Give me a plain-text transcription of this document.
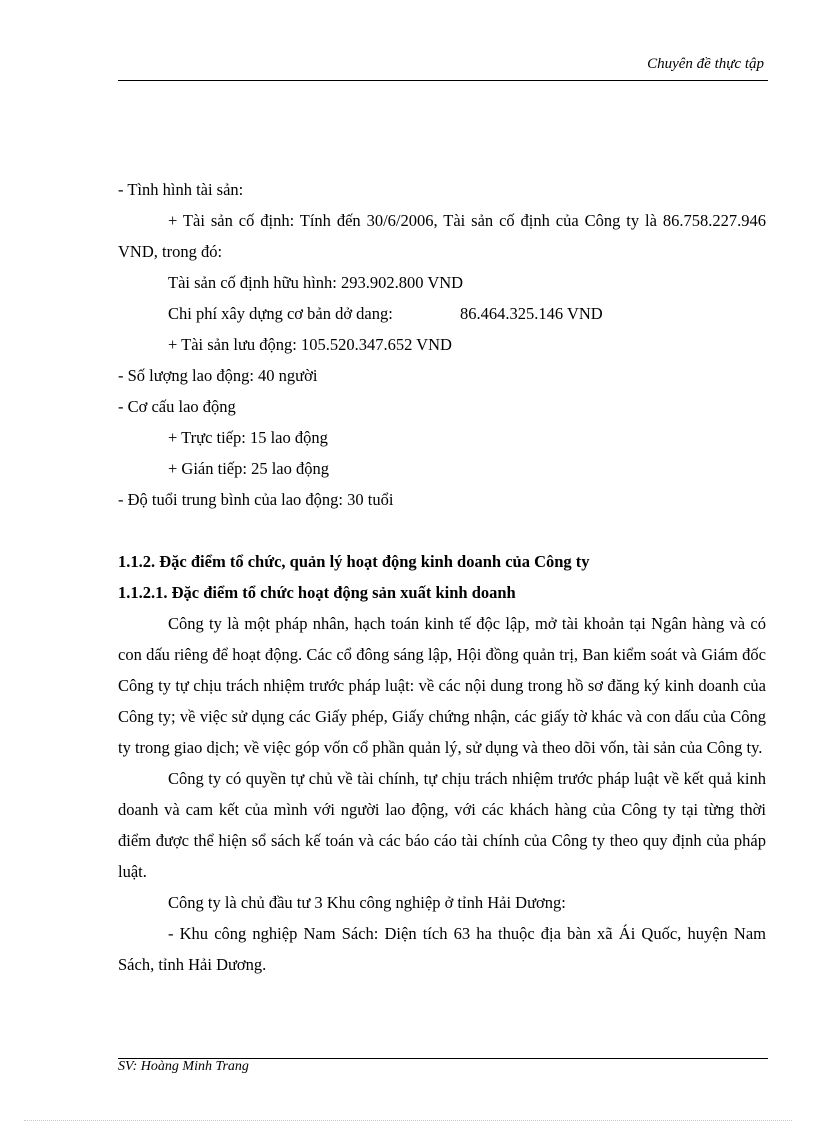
Chuyên đề thực tập

- Tình hình tài sản:

+ Tài sản cố định: Tính đến 30/6/2006, Tài sản cố định của Công ty là 86.758.227.946 VND, trong đó:

Tài sản cố định hữu hình: 293.902.800 VND

Chi phí xây dựng cơ bản dở dang:	86.464.325.146 VND

+ Tài sản lưu động: 105.520.347.652 VND

- Số lượng lao động: 40 người

- Cơ cấu lao động

+ Trực tiếp: 15 lao động

+ Gián tiếp: 25 lao động

- Độ tuổi trung bình của lao động: 30 tuổi

1.1.2. Đặc điểm tổ chức, quản lý hoạt động kinh doanh của Công ty

1.1.2.1. Đặc điểm tổ chức hoạt động sản xuất kinh doanh

Công ty là một pháp nhân, hạch toán kinh tế độc lập, mở tài khoản tại Ngân hàng và có con dấu riêng để hoạt động. Các cổ đông sáng lập, Hội đồng quản trị, Ban kiểm soát và Giám đốc Công ty tự chịu trách nhiệm trước pháp luật: về các nội dung trong hồ sơ đăng ký kinh doanh của Công ty; về việc sử dụng các Giấy phép, Giấy chứng nhận, các giấy tờ khác và con dấu của Công ty trong giao dịch; về việc góp vốn cổ phần quản lý, sử dụng và theo dõi vốn, tài sản của Công ty.

Công ty có quyền tự chủ về tài chính, tự chịu trách nhiệm trước pháp luật về kết quả kinh doanh và cam kết của mình với người lao động, với các khách hàng của Công ty tại từng thời điểm được thể hiện sổ sách kế toán và các báo cáo tài chính của Công ty theo quy định của pháp luật.

Công ty là chủ đầu tư 3 Khu công nghiệp ở tỉnh Hải Dương:

- Khu công nghiệp Nam Sách: Diện tích 63 ha thuộc địa bàn xã Ái Quốc, huyện Nam Sách, tỉnh Hải Dương.

SV: Hoàng Minh Trang
